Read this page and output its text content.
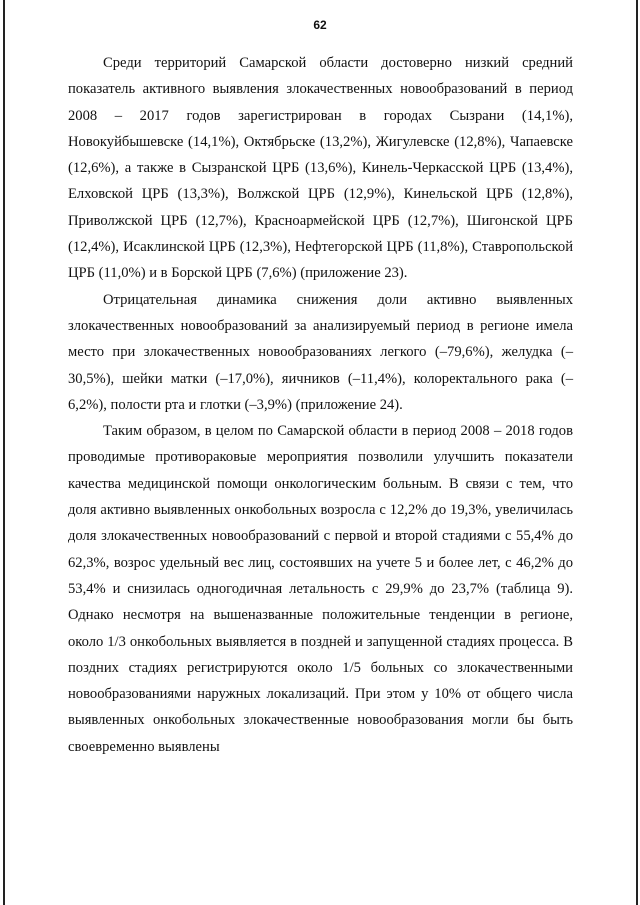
62

Среди территорий Самарской области достоверно низкий средний показатель активного выявления злокачественных новообразований в период 2008 – 2017 годов зарегистрирован в городах Сызрани (14,1%), Новокуйбышевске (14,1%), Октябрьске (13,2%), Жигулевске (12,8%), Чапаевске (12,6%), а также в Сызранской ЦРБ (13,6%), Кинель-Черкасской ЦРБ (13,4%), Елховской ЦРБ (13,3%), Волжской ЦРБ (12,9%), Кинельской ЦРБ (12,8%), Приволжской ЦРБ (12,7%), Красноармейской ЦРБ (12,7%), Шигонской ЦРБ (12,4%), Исаклинской ЦРБ (12,3%), Нефтегорской ЦРБ (11,8%), Ставропольской ЦРБ (11,0%) и в Борской ЦРБ (7,6%) (приложение 23).

Отрицательная динамика снижения доли активно выявленных злокачественных новообразований за анализируемый период в регионе имела место при злокачественных новообразованиях легкого (–79,6%), желудка (–30,5%), шейки матки (–17,0%), яичников (–11,4%), колоректального рака (–6,2%), полости рта и глотки (–3,9%) (приложение 24).

Таким образом, в целом по Самарской области в период 2008 – 2018 годов проводимые противораковые мероприятия позволили улучшить показатели качества медицинской помощи онкологическим больным. В связи с тем, что доля активно выявленных онкобольных возросла с 12,2% до 19,3%, увеличилась доля злокачественных новообразований с первой и второй стадиями с 55,4% до 62,3%, возрос удельный вес лиц, состоявших на учете 5 и более лет, с 46,2% до 53,4% и снизилась одногодичная летальность с 29,9% до 23,7% (таблица 9). Однако несмотря на вышеназванные положительные тенденции в регионе, около 1/3 онкобольных выявляется в поздней и запущенной стадиях процесса. В поздних стадиях регистрируются около 1/5 больных со злокачественными новообразованиями наружных локализаций. При этом у 10% от общего числа выявленных онкобольных злокачественные новообразования могли бы быть своевременно выявлены
